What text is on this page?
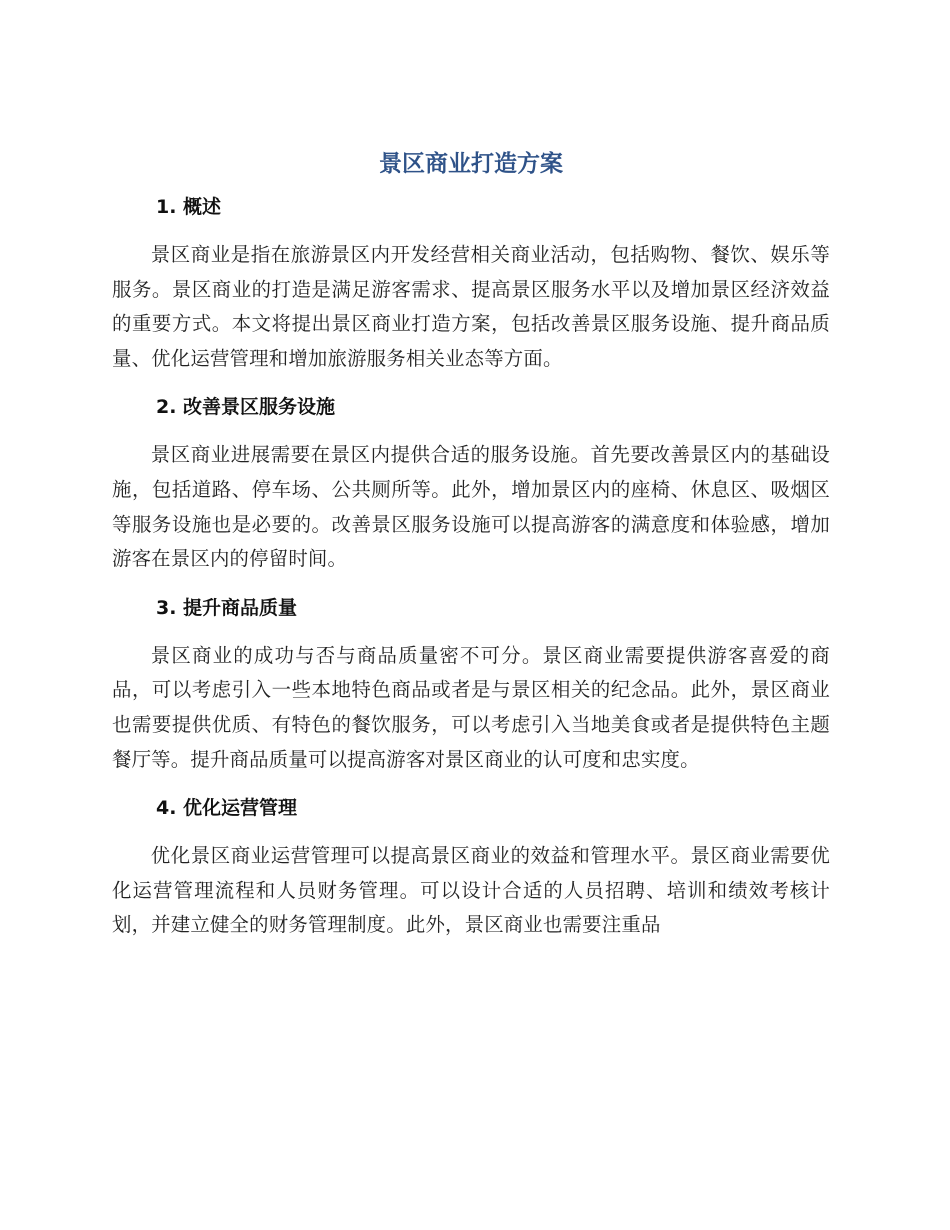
景区商业打造方案
1. 概述

景区商业是指在旅游景区内开发经营相关商业活动，包括购物、餐饮、娱乐等服务。景区商业的打造是满足游客需求、提高景区服务水平以及增加景区经济效益的重要方式。本文将提出景区商业打造方案，包括改善景区服务设施、提升商品质量、优化运营管理和增加旅游服务相关业态等方面。

2. 改善景区服务设施

景区商业进展需要在景区内提供合适的服务设施。首先要改善景区内的基础设施，包括道路、停车场、公共厕所等。此外，增加景区内的座椅、休息区、吸烟区等服务设施也是必要的。改善景区服务设施可以提高游客的满意度和体验感，增加游客在景区内的停留时间。

3. 提升商品质量

景区商业的成功与否与商品质量密不可分。景区商业需要提供游客喜爱的商品，可以考虑引入一些本地特色商品或者是与景区相关的纪念品。此外，景区商业也需要提供优质、有特色的餐饮服务，可以考虑引入当地美食或者是提供特色主题餐厅等。提升商品质量可以提高游客对景区商业的认可度和忠实度。

4. 优化运营管理

优化景区商业运营管理可以提高景区商业的效益和管理水平。景区商业需要优化运营管理流程和人员财务管理。可以设计合适的人员招聘、培训和绩效考核计划，并建立健全的财务管理制度。此外，景区商业也需要注重品
